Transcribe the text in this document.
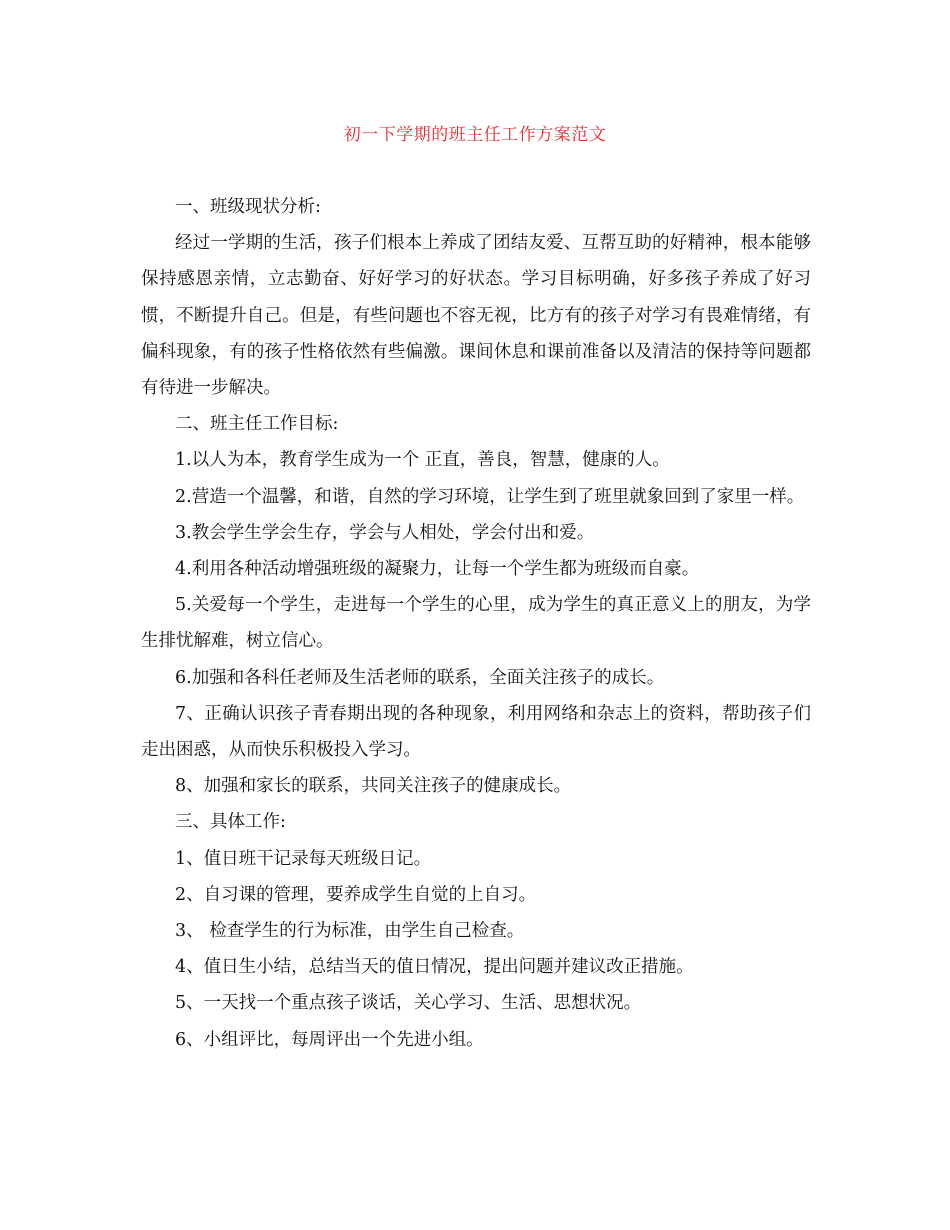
初一下学期的班主任工作方案范文

一、班级现状分析:

经过一学期的生活，孩子们根本上养成了团结友爱、互帮互助的好精神，根本能够保持感恩亲情，立志勤奋、好好学习的好状态。学习目标明确，好多孩子养成了好习惯，不断提升自己。但是，有些问题也不容无视，比方有的孩子对学习有畏难情绪，有偏科现象，有的孩子性格依然有些偏激。课间休息和课前准备以及清洁的保持等问题都有待进一步解决。

二、班主任工作目标:

1.以人为本，教育学生成为一个 正直，善良，智慧，健康的人。

2.营造一个温馨，和谐，自然的学习环境，让学生到了班里就象回到了家里一样。

3.教会学生学会生存，学会与人相处，学会付出和爱。

4.利用各种活动增强班级的凝聚力，让每一个学生都为班级而自豪。

5.关爱每一个学生，走进每一个学生的心里，成为学生的真正意义上的朋友，为学生排忧解难，树立信心。

6.加强和各科任老师及生活老师的联系，全面关注孩子的成长。

7、正确认识孩子青春期出现的各种现象，利用网络和杂志上的资料，帮助孩子们走出困惑，从而快乐积极投入学习。

8、加强和家长的联系，共同关注孩子的健康成长。

三、具体工作:

1、值日班干记录每天班级日记。

2、自习课的管理，要养成学生自觉的上自习。

3、 检查学生的行为标准，由学生自己检查。

4、值日生小结，总结当天的值日情况，提出问题并建议改正措施。

5、一天找一个重点孩子谈话，关心学习、生活、思想状况。

6、小组评比，每周评出一个先进小组。
